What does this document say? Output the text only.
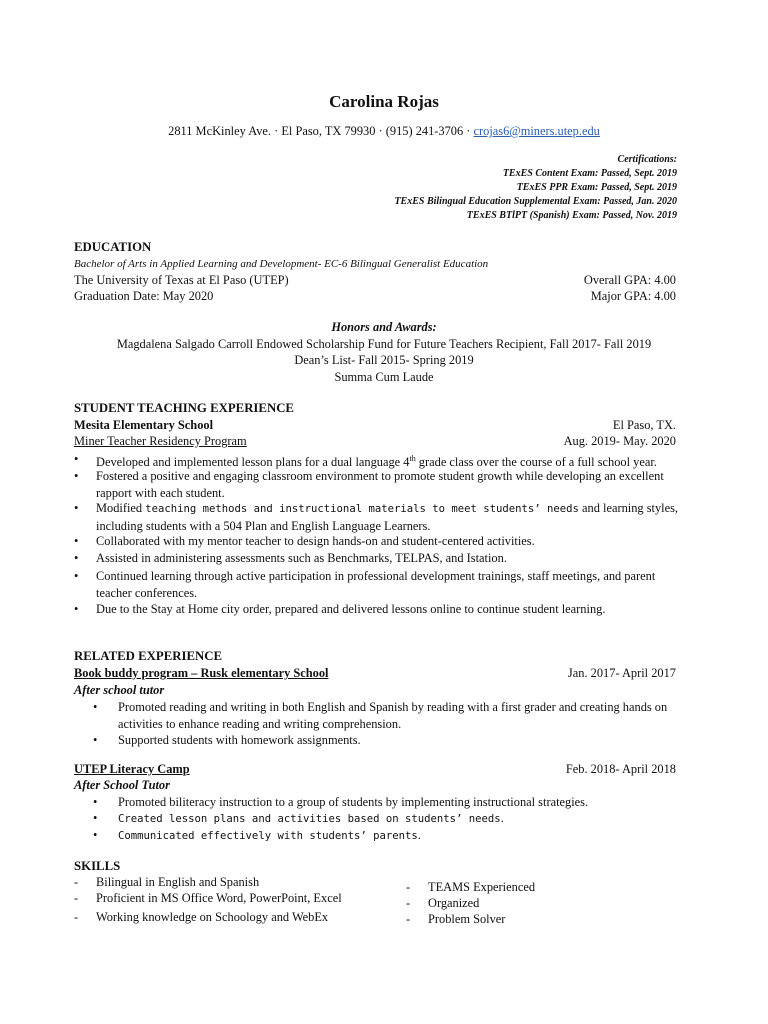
Carolina Rojas
2811 McKinley Ave. · El Paso, TX 79930 · (915) 241-3706 · crojas6@miners.utep.edu
Certifications:
TExES Content Exam: Passed, Sept. 2019
TExES PPR Exam: Passed, Sept. 2019
TExES Bilingual Education Supplemental Exam: Passed, Jan. 2020
TExES BTlPT (Spanish) Exam: Passed, Nov. 2019
EDUCATION
Bachelor of Arts in Applied Learning and Development- EC-6 Bilingual Generalist Education
The University of Texas at El Paso (UTEP)	Overall GPA: 4.00
Graduation Date: May 2020	Major GPA: 4.00
Honors and Awards:
Magdalena Salgado Carroll Endowed Scholarship Fund for Future Teachers Recipient, Fall 2017- Fall 2019
Dean’s List- Fall 2015- Spring 2019
Summa Cum Laude
STUDENT TEACHING EXPERIENCE
Mesita Elementary School	El Paso, TX.
Miner Teacher Residency Program	Aug. 2019- May. 2020
• Developed and implemented lesson plans for a dual language 4th grade class over the course of a full school year.
• Fostered a positive and engaging classroom environment to promote student growth while developing an excellent rapport with each student.
• Modified teaching methods and instructional materials to meet students’ needs and learning styles, including students with a 504 Plan and English Language Learners.
• Collaborated with my mentor teacher to design hands-on and student-centered activities.
• Assisted in administering assessments such as Benchmarks, TELPAS, and Istation.
• Continued learning through active participation in professional development trainings, staff meetings, and parent teacher conferences.
• Due to the Stay at Home city order, prepared and delivered lessons online to continue student learning.
RELATED EXPERIENCE
Book buddy program – Rusk elementary School	Jan. 2017- April 2017
After school tutor
• Promoted reading and writing in both English and Spanish by reading with a first grader and creating hands on activities to enhance reading and writing comprehension.
• Supported students with homework assignments.
UTEP Literacy Camp	Feb. 2018- April 2018
After School Tutor
• Promoted biliteracy instruction to a group of students by implementing instructional strategies.
• Created lesson plans and activities based on students’ needs.
• Communicated effectively with students’ parents.
SKILLS
- Bilingual in English and Spanish
- Proficient in MS Office Word, PowerPoint, Excel
- Working knowledge on Schoology and WebEx
- TEAMS Experienced
- Organized
- Problem Solver
